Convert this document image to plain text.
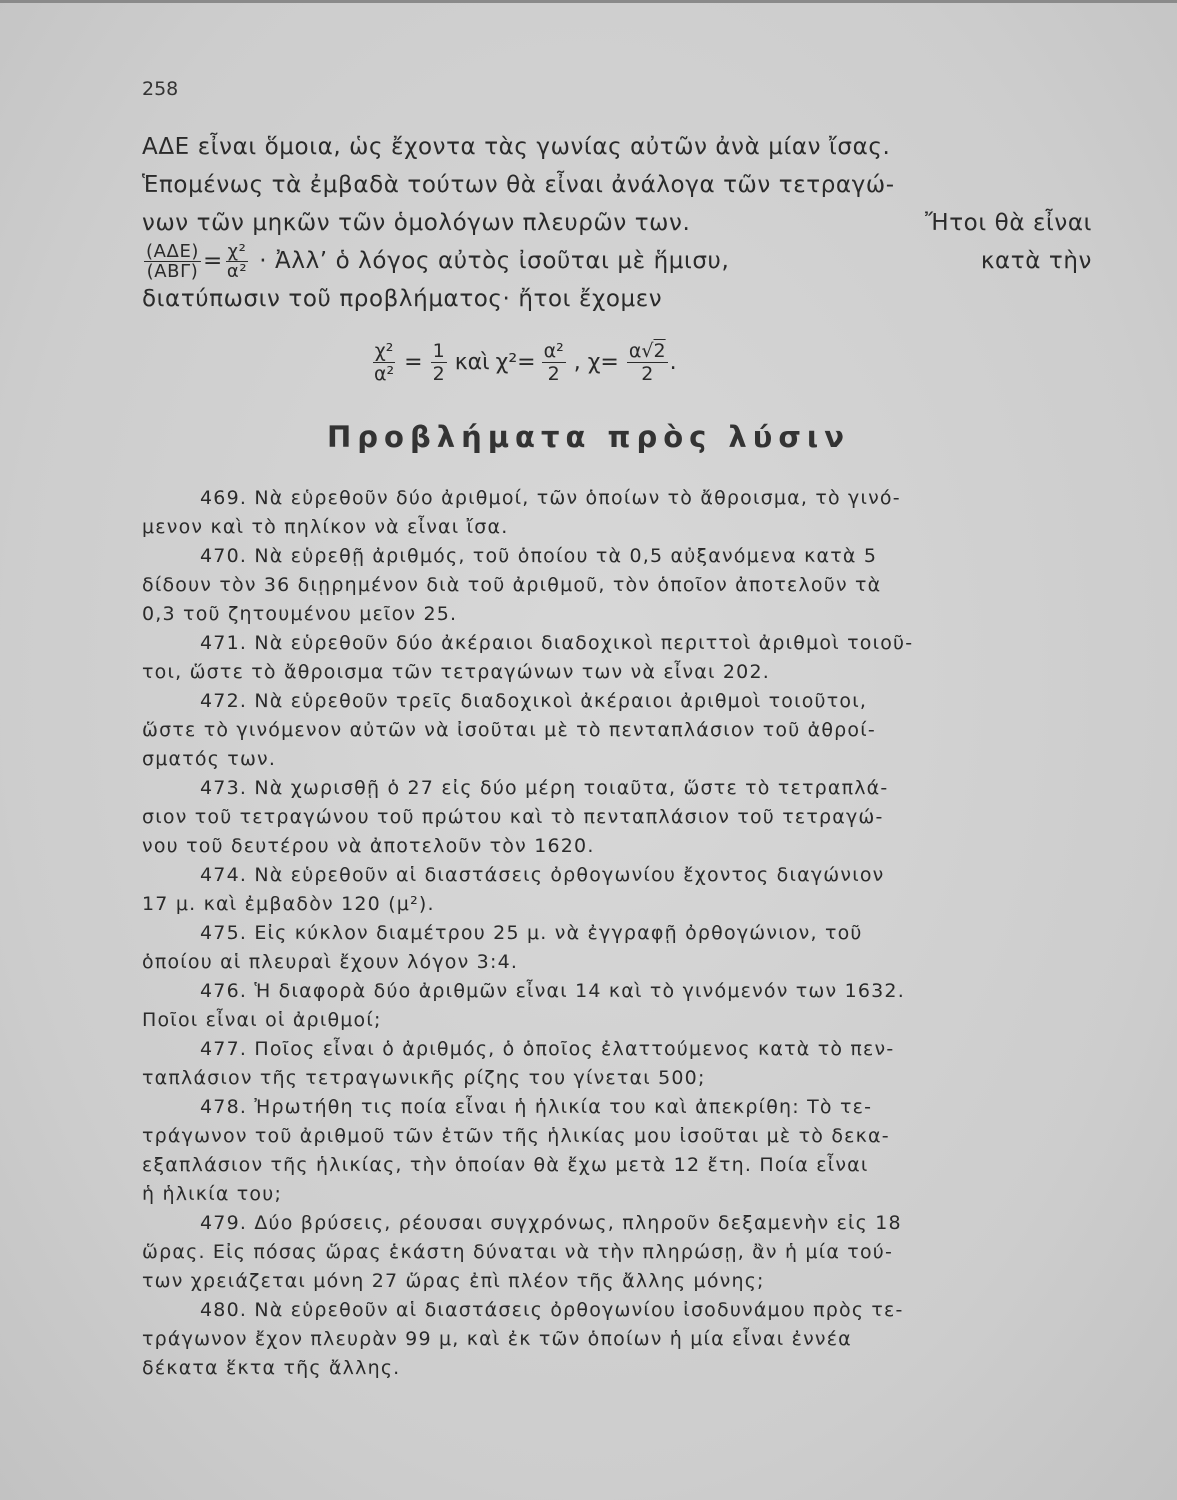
258
ΑΔΕ εἶναι ὅμοια, ὡς ἔχοντα τὰς γωνίας αὐτῶν ἀνὰ μίαν ἴσας.
Ἑπομένως τὰ ἐμβαδὰ τούτων θὰ εἶναι ἀνάλογα τῶν τετραγώ-
νων τῶν μηκῶν τῶν ὁμολόγων πλευρῶν των.	Ἤτοι θὰ εἶναι
$\frac{\text{(ΑΔΕ)}}{\text{(ΑΒΓ)}} = \frac{\text{χ²}}{\text{α²}}$ · Ἀλλ’ ὁ λόγος αὐτὸς ἰσοῦται μὲ ἥμισυ,	κατὰ τὴν
διατύπωσιν τοῦ προβλήματος· ἤτοι ἔχομεν
$\frac{\text{χ²}}{\text{α²}} = \frac{1}{2}$ καὶ $\chi^2= \frac{\text{α²}}{2}$ , $\chi= \frac{\alpha√2}{2}$ .
Προβλήματα πρὸς λύσιν
469. Νὰ εὑρεθοῦν δύο ἀριθμοί, τῶν ὁποίων τὸ ἄθροισμα, τὸ γινό-
μενον καὶ τὸ πηλίκον νὰ εἶναι ἴσα.
470. Νὰ εὑρεθῇ ἀριθμός, τοῦ ὁποίου τὰ 0,5 αὐξανόμενα κατὰ 5
δίδουν τὸν 36 διῃρημένον διὰ τοῦ ἀριθμοῦ, τὸν ὁποῖον ἀποτελοῦν τὰ
0,3 τοῦ ζητουμένου μεῖον 25.
471. Νὰ εὑρεθοῦν δύο ἀκέραιοι διαδοχικοὶ περιττοὶ ἀριθμοὶ τοιοῦ-
τοι, ὥστε τὸ ἄθροισμα τῶν τετραγώνων των νὰ εἶναι 202.
472. Νὰ εὑρεθοῦν τρεῖς διαδοχικοὶ ἀκέραιοι ἀριθμοὶ τοιοῦτοι,
ὥστε τὸ γινόμενον αὐτῶν νὰ ἰσοῦται μὲ τὸ πενταπλάσιον τοῦ ἀθροί-
σματός των.
473. Νὰ χωρισθῇ ὁ 27 εἰς δύο μέρη τοιαῦτα, ὥστε τὸ τετραπλά-
σιον τοῦ τετραγώνου τοῦ πρώτου καὶ τὸ πενταπλάσιον τοῦ τετραγώ-
νου τοῦ δευτέρου νὰ ἀποτελοῦν τὸν 1620.
474. Νὰ εὑρεθοῦν αἱ διαστάσεις ὀρθογωνίου ἔχοντος διαγώνιον
17 μ. καὶ ἐμβαδὸν 120 (μ²).
475. Εἰς κύκλον διαμέτρου 25 μ. νὰ ἐγγραφῇ ὀρθογώνιον, τοῦ
ὁποίου αἱ πλευραὶ ἔχουν λόγον 3:4.
476. Ἡ διαφορὰ δύο ἀριθμῶν εἶναι 14 καὶ τὸ γινόμενόν των 1632.
Ποῖοι εἶναι οἱ ἀριθμοί;
477. Ποῖος εἶναι ὁ ἀριθμός, ὁ ὁποῖος ἐλαττούμενος κατὰ τὸ πεν-
ταπλάσιον τῆς τετραγωνικῆς ρίζης του γίνεται 500;
478. Ἠρωτήθη τις ποία εἶναι ἡ ἡλικία του καὶ ἀπεκρίθη: Τὸ τε-
τράγωνον τοῦ ἀριθμοῦ τῶν ἐτῶν τῆς ἡλικίας μου ἰσοῦται μὲ τὸ δεκα-
εξαπλάσιον τῆς ἡλικίας, τὴν ὁποίαν θὰ ἔχω μετὰ 12 ἔτη. Ποία εἶναι
ἡ ἡλικία του;
479. Δύο βρύσεις, ρέουσαι συγχρόνως, πληροῦν δεξαμενὴν εἰς 18
ὥρας. Εἰς πόσας ὥρας ἑκάστη δύναται νὰ τὴν πληρώσῃ, ἂν ἡ μία τού-
των χρειάζεται μόνη 27 ὥρας ἐπὶ πλέον τῆς ἄλλης μόνης;
480. Νὰ εὑρεθοῦν αἱ διαστάσεις ὀρθογωνίου ἰσοδυνάμου πρὸς τε-
τράγωνον ἔχον πλευρὰν 99 μ, καὶ ἐκ τῶν ὁποίων ἡ μία εἶναι ἐννέα
δέκατα ἕκτα τῆς ἄλλης.
